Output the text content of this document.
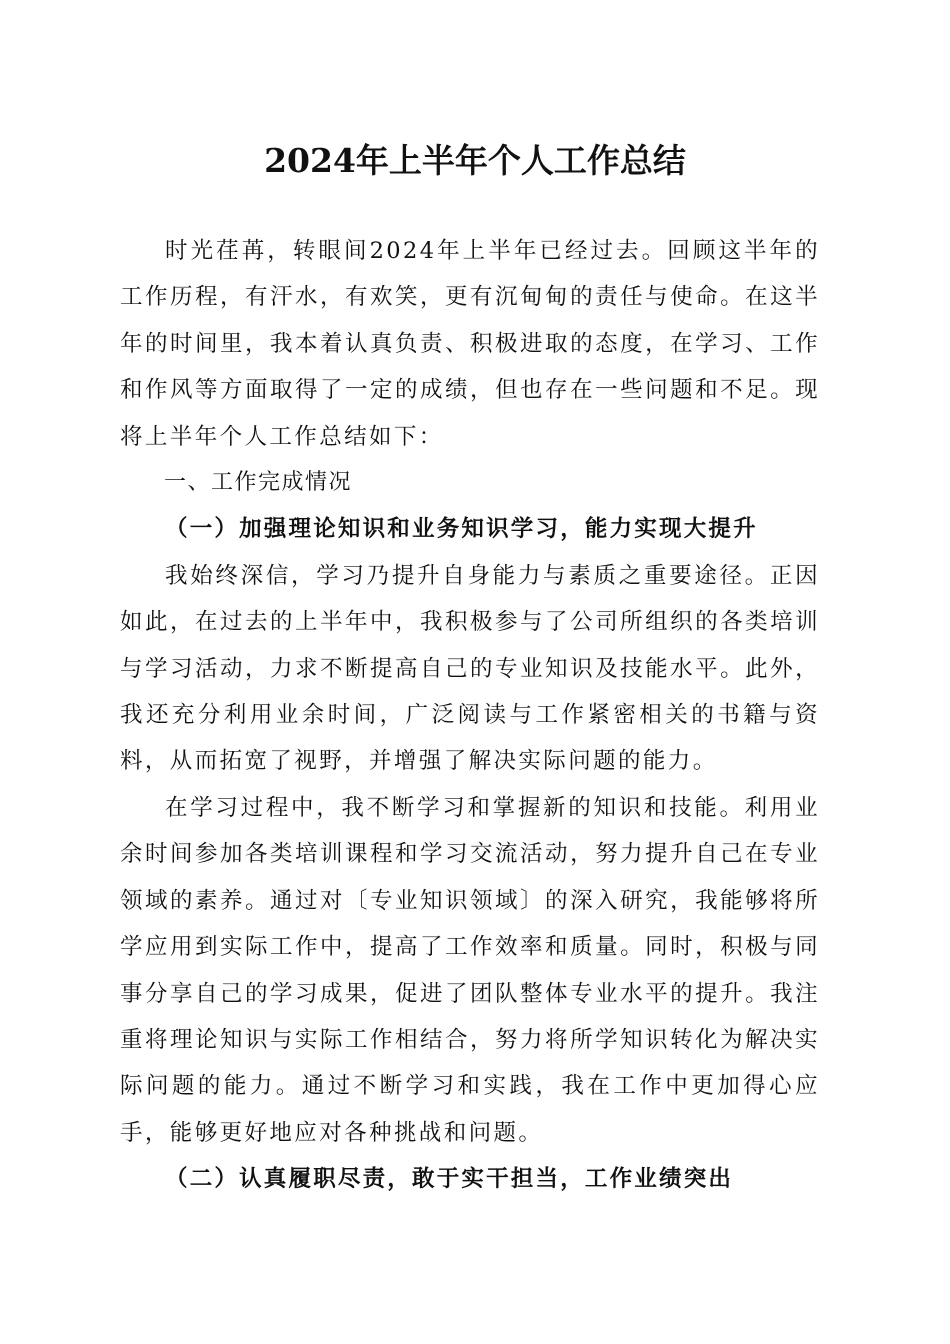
2024年上半年个人工作总结

时光荏苒，转眼间2024年上半年已经过去。回顾这半年的工作历程，有汗水，有欢笑，更有沉甸甸的责任与使命。在这半年的时间里，我本着认真负责、积极进取的态度，在学习、工作和作风等方面取得了一定的成绩，但也存在一些问题和不足。现将上半年个人工作总结如下：

一、工作完成情况

（一）加强理论知识和业务知识学习，能力实现大提升

我始终深信，学习乃提升自身能力与素质之重要途径。正因如此，在过去的上半年中，我积极参与了公司所组织的各类培训与学习活动，力求不断提高自己的专业知识及技能水平。此外，我还充分利用业余时间，广泛阅读与工作紧密相关的书籍与资料，从而拓宽了视野，并增强了解决实际问题的能力。

在学习过程中，我不断学习和掌握新的知识和技能。利用业余时间参加各类培训课程和学习交流活动，努力提升自己在专业领域的素养。通过对〔专业知识领域〕的深入研究，我能够将所学应用到实际工作中，提高了工作效率和质量。同时，积极与同事分享自己的学习成果，促进了团队整体专业水平的提升。我注重将理论知识与实际工作相结合，努力将所学知识转化为解决实际问题的能力。通过不断学习和实践，我在工作中更加得心应手，能够更好地应对各种挑战和问题。

（二）认真履职尽责，敢于实干担当，工作业绩突出
